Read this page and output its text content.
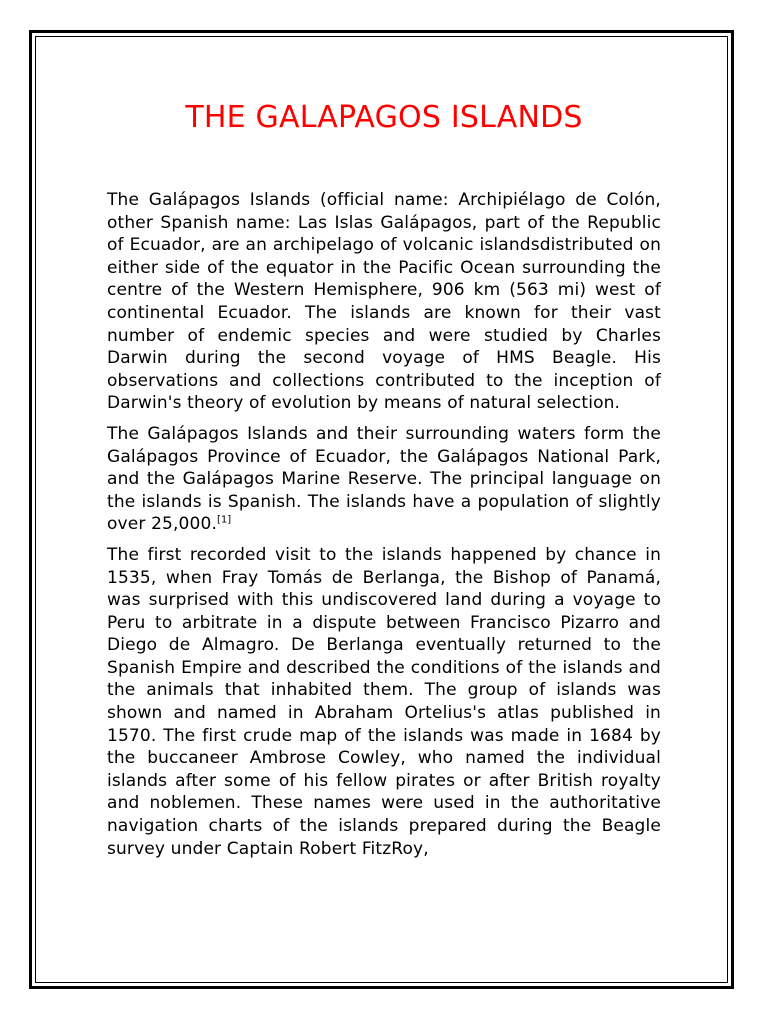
THE GALAPAGOS ISLANDS

The Galápagos Islands (official name: Archipiélago de Colón, other Spanish name: Las Islas Galápagos, part of the Republic of Ecuador, are an archipelago of volcanic islandsdistributed on either side of the equator in the Pacific Ocean surrounding the centre of the Western Hemisphere, 906 km (563 mi) west of continental Ecuador. The islands are known for their vast number of endemic species and were studied by Charles Darwin during the second voyage of HMS Beagle. His observations and collections contributed to the inception of Darwin's theory of evolution by means of natural selection.

The Galápagos Islands and their surrounding waters form the Galápagos Province of Ecuador, the Galápagos National Park, and the Galápagos Marine Reserve. The principal language on the islands is Spanish. The islands have a population of slightly over 25,000.[1]

The first recorded visit to the islands happened by chance in 1535, when Fray Tomás de Berlanga, the Bishop of Panamá, was surprised with this undiscovered land during a voyage to Peru to arbitrate in a dispute between Francisco Pizarro and Diego de Almagro. De Berlanga eventually returned to the Spanish Empire and described the conditions of the islands and the animals that inhabited them. The group of islands was shown and named in Abraham Ortelius's atlas published in 1570. The first crude map of the islands was made in 1684 by the buccaneer Ambrose Cowley, who named the individual islands after some of his fellow pirates or after British royalty and noblemen. These names were used in the authoritative navigation charts of the islands prepared during the Beagle survey under Captain Robert FitzRoy,
